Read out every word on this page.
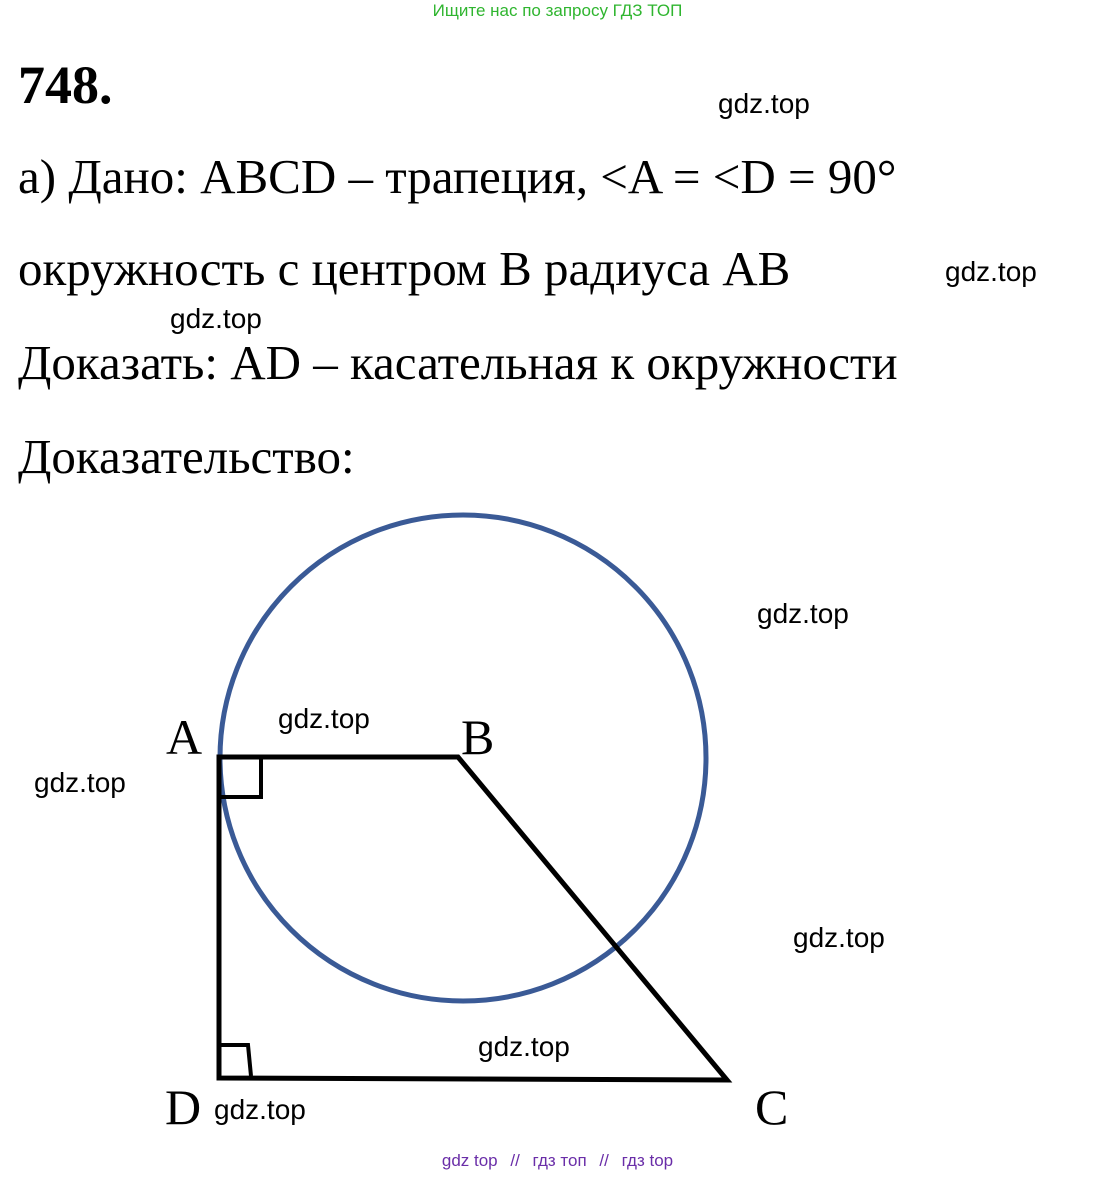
Ищите нас по запросу ГДЗ ТОП
748.
а) Дано: ABCD – трапеция, <A = <D = 90°
окружность с центром B радиуса AB
Доказать: AD – касательная к окружности
Доказательство:
A	B
C
D
gdz.top
gdz.top
gdz.top
gdz.top
gdz.top
gdz.top
gdz.top
gdz.top
gdz.top
gdz top // гдз топ // гдз top
